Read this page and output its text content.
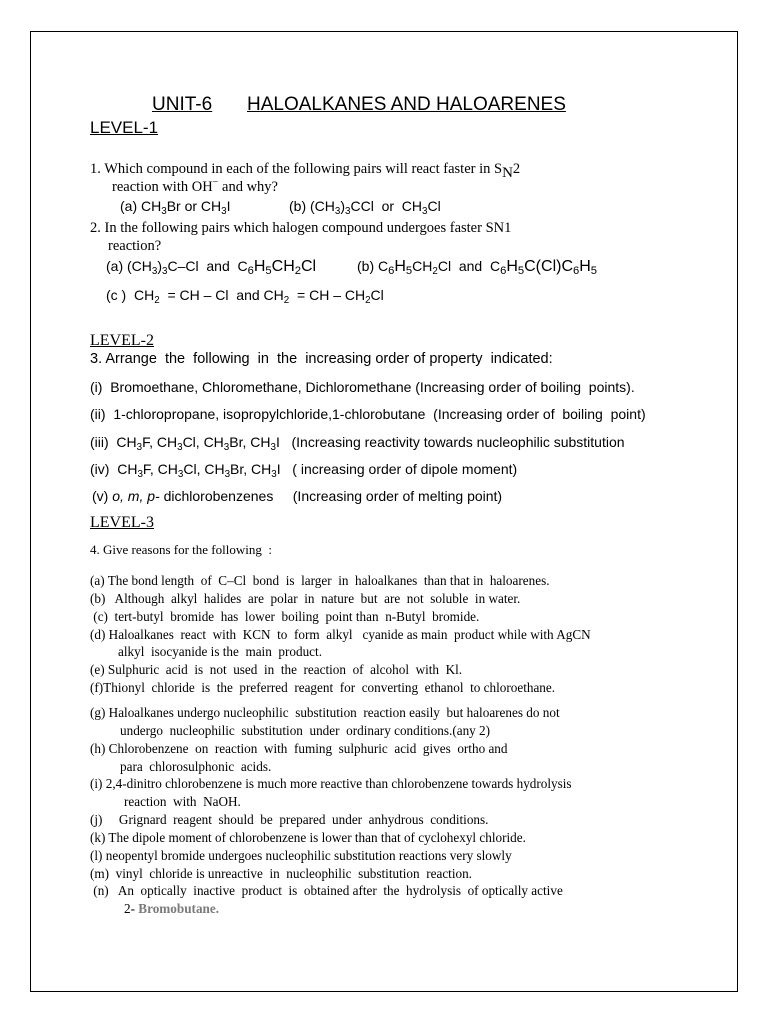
UNIT-6 HALOALKANES AND HALOARENES
LEVEL-1
1. Which compound in each of the following pairs will react faster in $S_N2$
reaction with OH− and why?
(a) $CH_3Br$ or $CH_3I$	(b) $(CH_3)_3CCl$  or  $CH_3Cl$
2. In the following pairs which halogen compound undergoes faster SN1
reaction?
(a) $(CH_3)_3C-Cl$  and  $C_6H_5CH_2Cl$	(b) $C_6H_5CH_2Cl$  and  $C_6H_5C(Cl)C_6H_5$
(c )  $CH_2$  = CH – Cl  and $CH_2$  = CH – $CH_2Cl$
LEVEL-2
3. Arrange  the  following  in  the  increasing order of property  indicated:
(i)  Bromoethane, Chloromethane, Dichloromethane (Increasing order of boiling  points).
(ii)  1-chloropropane, isopropylchloride,1-chlorobutane  (Increasing order of  boiling  point)
(iii)  $CH_3F$, $CH_3Cl$, $CH_3Br$, $CH_3I$   (Increasing reactivity towards nucleophilic substitution
(iv)  $CH_3F$, $CH_3Cl$, $CH_3Br$, $CH_3I$   ( increasing order of dipole moment)
(v) o, m, p- dichlorobenzenes     (Increasing order of melting point)
LEVEL-3
4. Give reasons for the following  :
(a) The bond length  of  C–Cl  bond  is  larger  in  haloalkanes  than that in  haloarenes.
(b)   Although  alkyl  halides  are  polar  in  nature  but  are  not  soluble  in water.
(c)  tert-butyl  bromide  has  lower  boiling  point than  n-Butyl  bromide.
(d) Haloalkanes  react  with  KCN  to  form  alkyl   cyanide as main  product while with AgCN
alkyl  isocyanide is the  main  product.
(e) Sulphuric  acid  is  not  used  in  the  reaction  of  alcohol  with  Kl.
(f)Thionyl  chloride  is  the  preferred  reagent  for  converting  ethanol  to chloroethane.
(g) Haloalkanes undergo nucleophilic  substitution  reaction easily  but haloarenes do not
undergo  nucleophilic  substitution  under  ordinary conditions.(any 2)
(h) Chlorobenzene  on  reaction  with  fuming  sulphuric  acid  gives  ortho and
para  chlorosulphonic  acids.
(i) 2,4-dinitro chlorobenzene is much more reactive than chlorobenzene towards hydrolysis
reaction  with  NaOH.
(j)     Grignard  reagent  should  be  prepared  under  anhydrous  conditions.
(k) The dipole moment of chlorobenzene is lower than that of cyclohexyl chloride.
(l) neopentyl bromide undergoes nucleophilic substitution reactions very slowly
(m)  vinyl  chloride is unreactive  in  nucleophilic  substitution  reaction.
(n)   An  optically  inactive  product  is  obtained after  the  hydrolysis  of optically active
2- Bromobutane.
